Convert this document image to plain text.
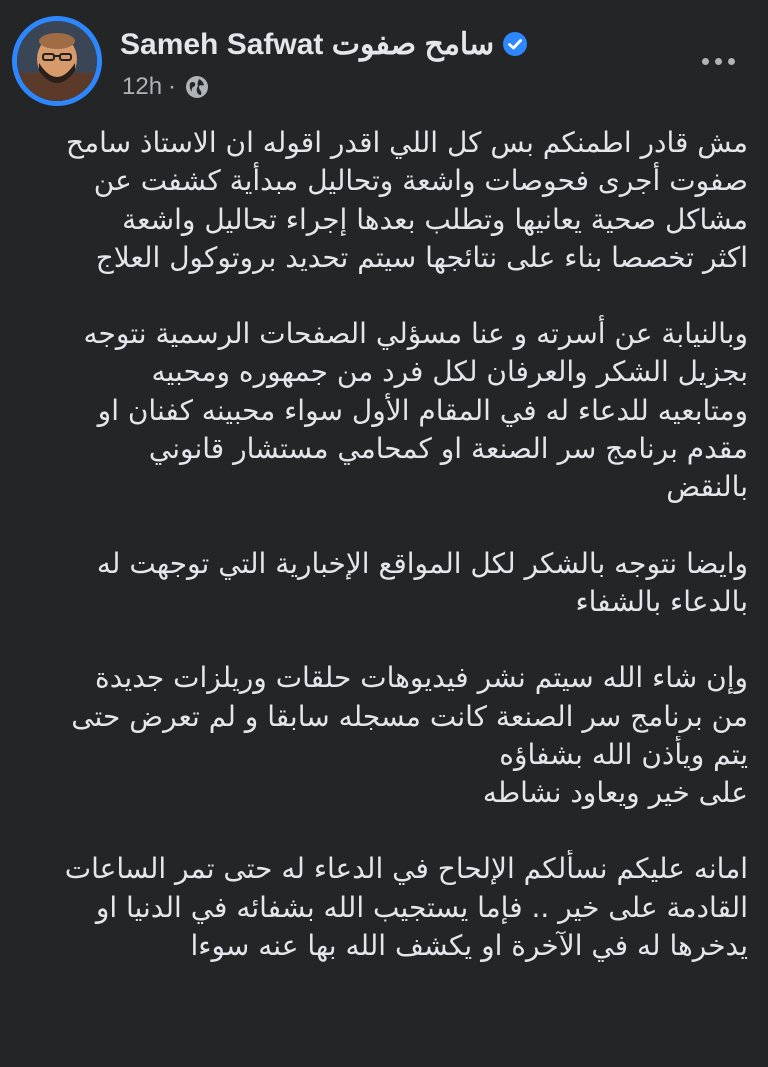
Sameh Safwat سامح صفوت
12h ·
مش قادر اطمنكم بس كل اللي اقدر اقوله ان الاستاذ سامح
صفوت أجرى فحوصات واشعة وتحاليل مبدأية كشفت عن
مشاكل صحية يعانيها وتطلب بعدها إجراء تحاليل واشعة
اكثر تخصصا بناء على نتائجها سيتم تحديد بروتوكول العلاج
وبالنيابة عن أسرته و عنا مسؤلي الصفحات الرسمية نتوجه
بجزيل الشكر والعرفان لكل فرد من جمهوره ومحبيه
ومتابعيه للدعاء له في المقام الأول سواء محبينه كفنان او
مقدم برنامج سر الصنعة او كمحامي مستشار قانوني
بالنقض
وايضا نتوجه بالشكر لكل المواقع الإخبارية التي توجهت له
بالدعاء بالشفاء
وإن شاء الله سيتم نشر فيديوهات حلقات وريلزات جديدة
من برنامج سر الصنعة كانت مسجله سابقا و لم تعرض حتى
يتم ويأذن الله بشفاؤه
على خير ويعاود نشاطه
امانه عليكم نسألكم الإلحاح في الدعاء له حتى تمر الساعات
القادمة على خير .. فإما يستجيب الله بشفائه في الدنيا او
يدخرها له في الآخرة او يكشف الله بها عنه سوءا
